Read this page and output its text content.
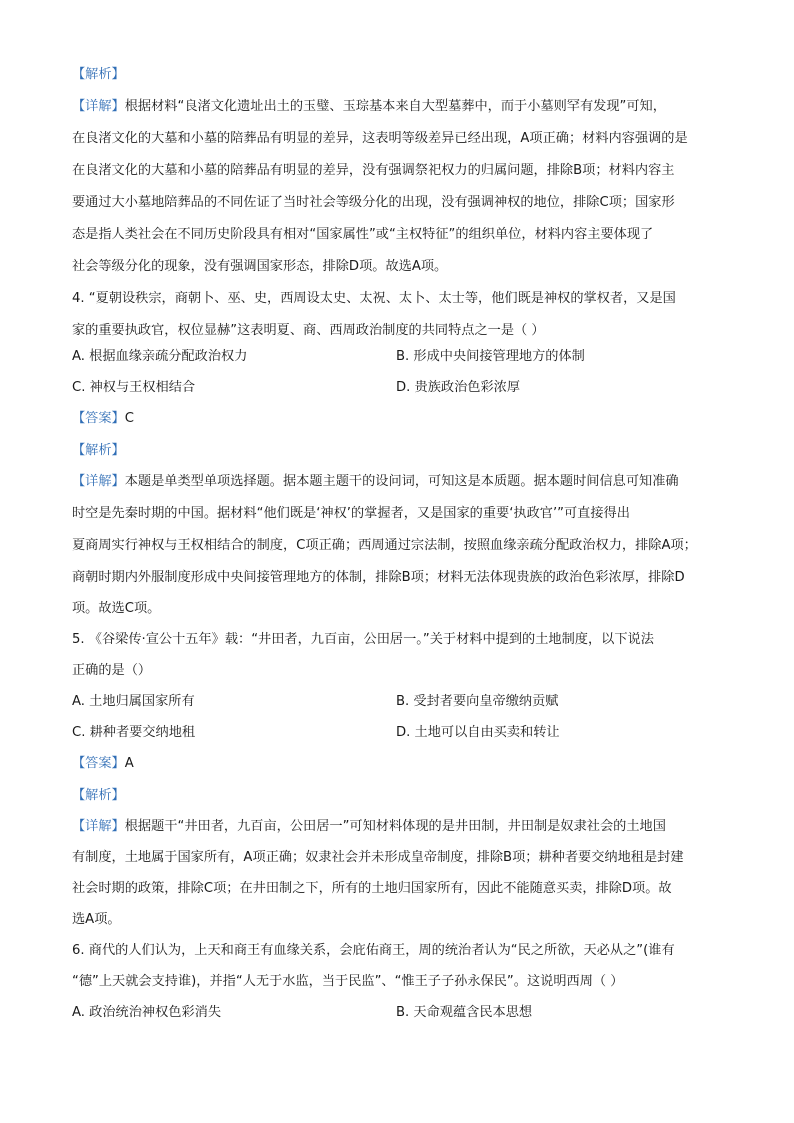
【解析】
【详解】根据材料“良渚文化遗址出土的玉璧、玉琮基本来自大型墓葬中，而于小墓则罕有发现”可知，
在良渚文化的大墓和小墓的陪葬品有明显的差异，这表明等级差异已经出现，A项正确；材料内容强调的是
在良渚文化的大墓和小墓的陪葬品有明显的差异，没有强调祭祀权力的归属问题，排除B项；材料内容主
要通过大小墓地陪葬品的不同佐证了当时社会等级分化的出现，没有强调神权的地位，排除C项；国家形
态是指人类社会在不同历史阶段具有相对“国家属性”或“主权特征”的组织单位，材料内容主要体现了
社会等级分化的现象，没有强调国家形态，排除D项。故选A项。
4. “夏朝设秩宗，商朝卜、巫、史，西周设太史、太祝、太卜、太士等，他们既是神权的掌权者，又是国
家的重要执政官，权位显赫”这表明夏、商、西周政治制度的共同特点之一是（ ）
A. 根据血缘亲疏分配政治权力	B. 形成中央间接管理地方的体制
C. 神权与王权相结合	D. 贵族政治色彩浓厚
【答案】C
【解析】
【详解】本题是单类型单项选择题。据本题主题干的设问词，可知这是本质题。据本题时间信息可知准确
时空是先秦时期的中国。据材料“他们既是‘神权’的掌握者，又是国家的重要‘执政官’”可直接得出
夏商周实行神权与王权相结合的制度，C项正确；西周通过宗法制，按照血缘亲疏分配政治权力，排除A项；
商朝时期内外服制度形成中央间接管理地方的体制，排除B项；材料无法体现贵族的政治色彩浓厚，排除D
项。故选C项。
5. 《谷梁传·宣公十五年》载：“井田者，九百亩，公田居一。”关于材料中提到的土地制度，以下说法
正确的是（）
A. 土地归属国家所有	B. 受封者要向皇帝缴纳贡赋
C. 耕种者要交纳地租	D. 土地可以自由买卖和转让
【答案】A
【解析】
【详解】根据题干“井田者，九百亩，公田居一”可知材料体现的是井田制，井田制是奴隶社会的土地国
有制度，土地属于国家所有，A项正确；奴隶社会并未形成皇帝制度，排除B项；耕种者要交纳地租是封建
社会时期的政策，排除C项；在井田制之下，所有的土地归国家所有，因此不能随意买卖，排除D项。故
选A项。
6. 商代的人们认为，上天和商王有血缘关系，会庇佑商王，周的统治者认为“民之所欲，天必从之”(谁有
“德”上天就会支持谁)，并指“人无于水监，当于民监”、“惟王子子孙永保民”。这说明西周（ ）
A. 政治统治神权色彩消失	B. 天命观蕴含民本思想
